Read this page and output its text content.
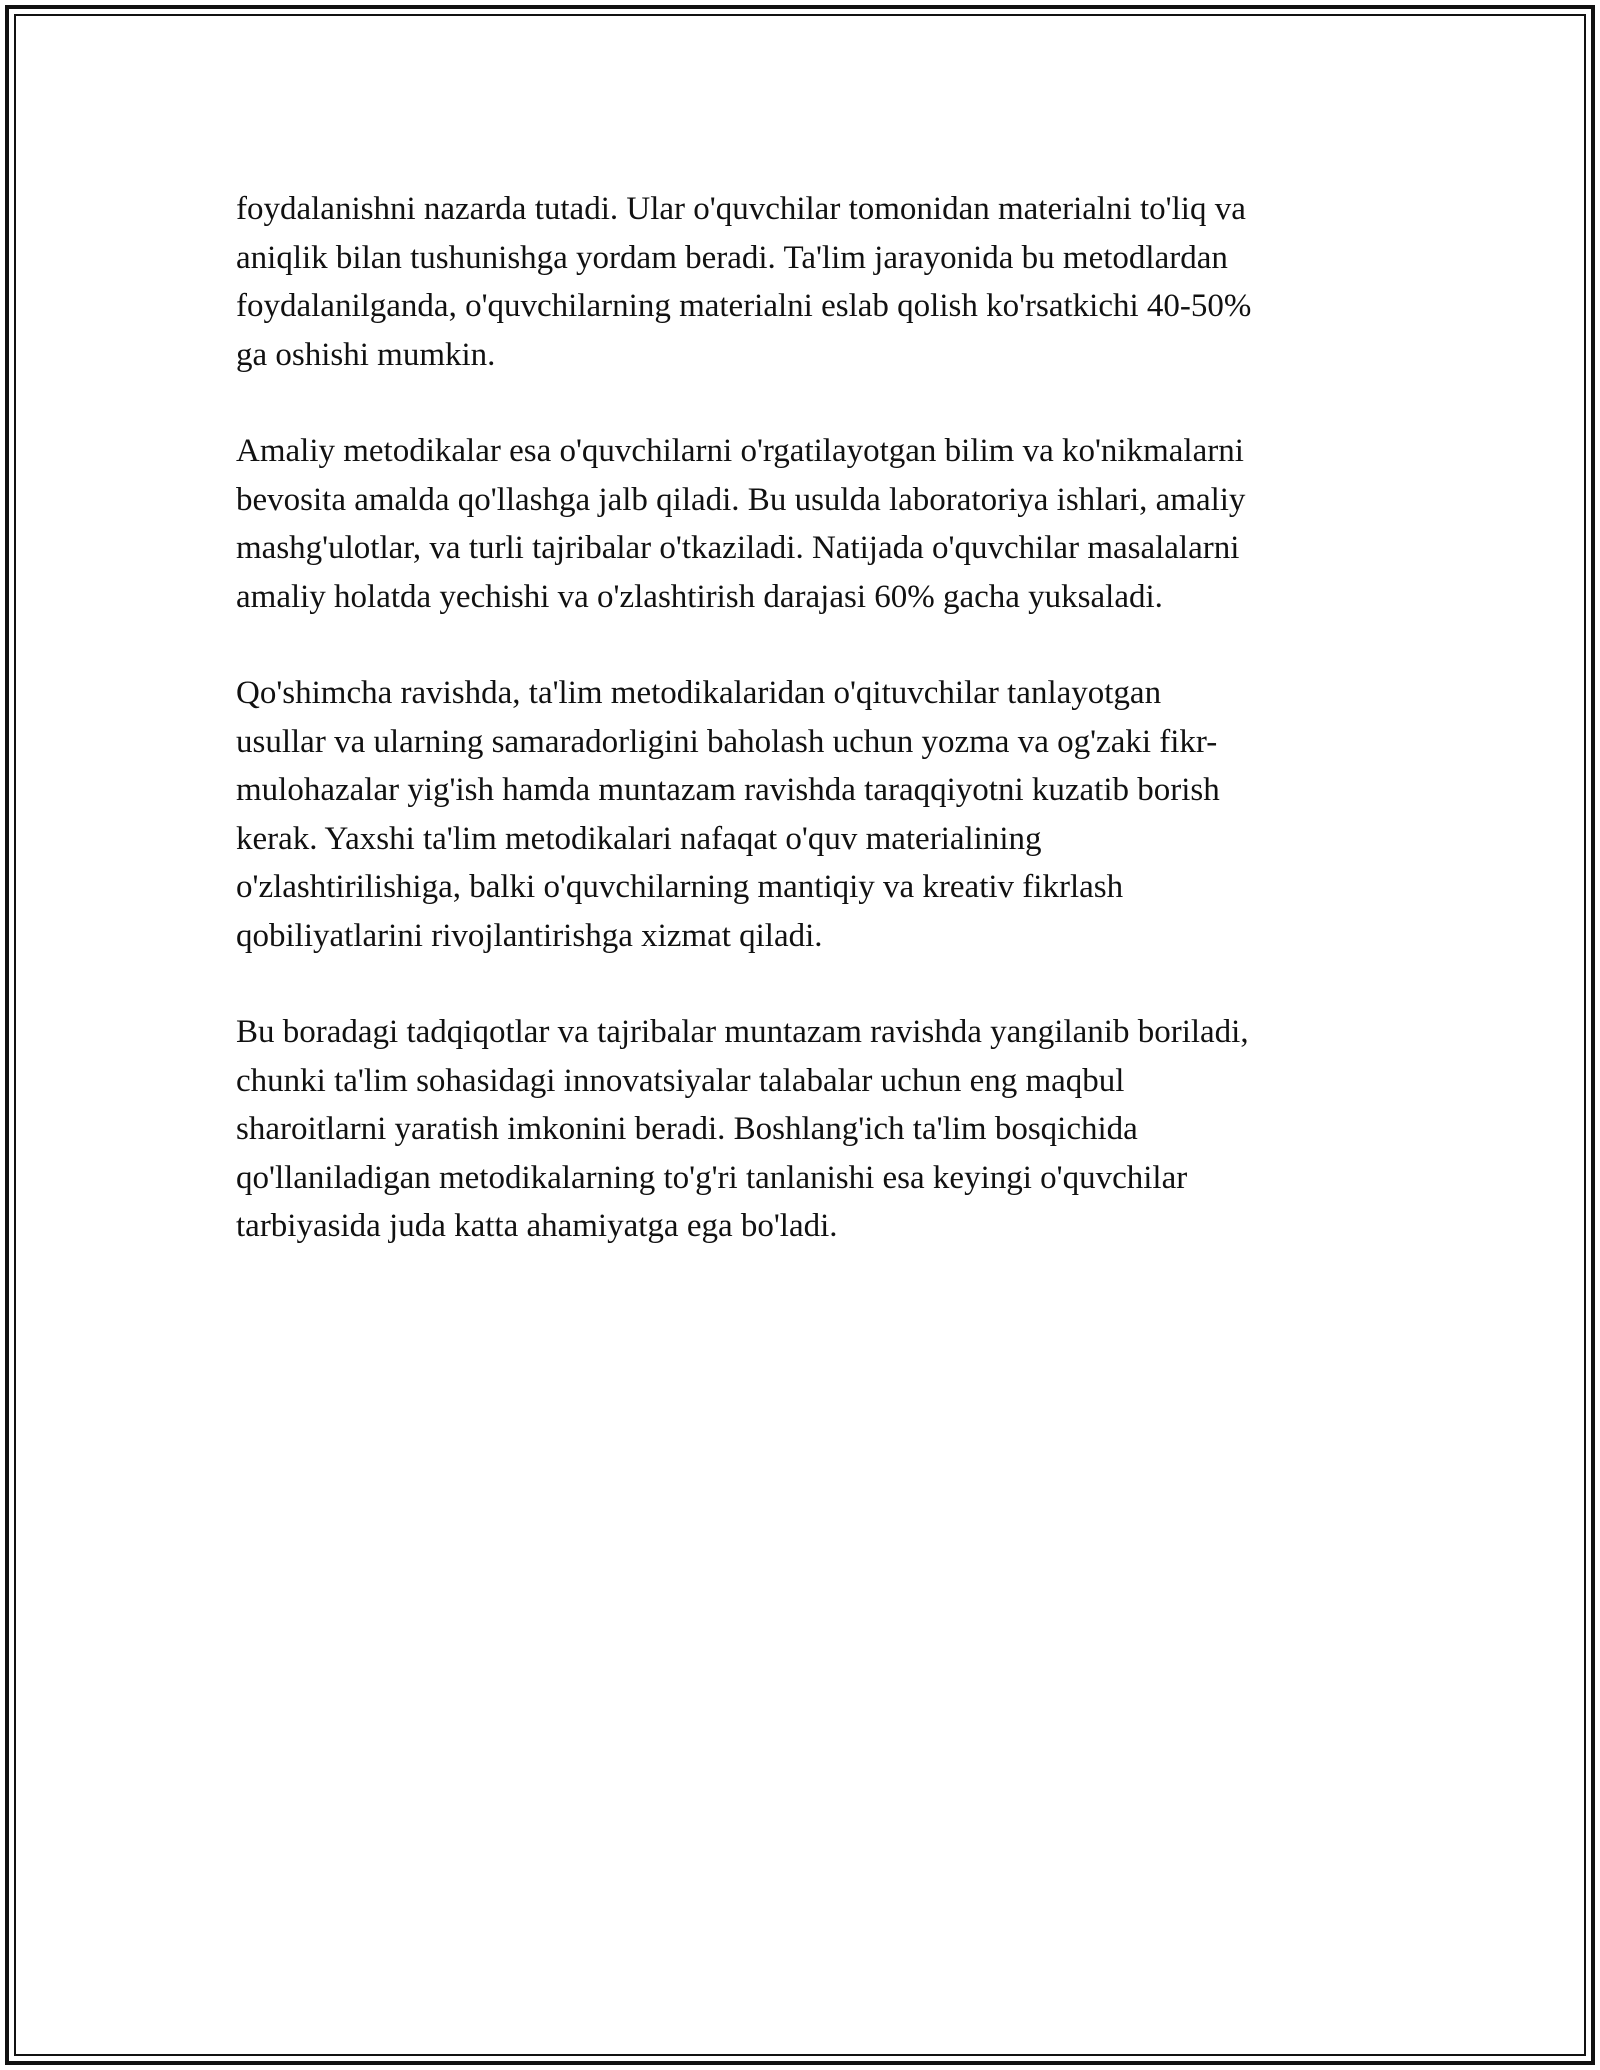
foydalanishni nazarda tutadi. Ular o'quvchilar tomonidan materialni to'liq va
aniqlik bilan tushunishga yordam beradi. Ta'lim jarayonida bu metodlardan
foydalanilganda, o'quvchilarning materialni eslab qolish ko'rsatkichi 40-50%
ga oshishi mumkin.

Amaliy metodikalar esa o'quvchilarni o'rgatilayotgan bilim va ko'nikmalarni
bevosita amalda qo'llashga jalb qiladi. Bu usulda laboratoriya ishlari, amaliy
mashg'ulotlar, va turli tajribalar o'tkaziladi. Natijada o'quvchilar masalalarni
amaliy holatda yechishi va o'zlashtirish darajasi 60% gacha yuksaladi.

Qo'shimcha ravishda, ta'lim metodikalaridan o'qituvchilar tanlayotgan
usullar va ularning samaradorligini baholash uchun yozma va og'zaki fikr-
mulohazalar yig'ish hamda muntazam ravishda taraqqiyotni kuzatib borish
kerak. Yaxshi ta'lim metodikalari nafaqat o'quv materialining
o'zlashtirilishiga, balki o'quvchilarning mantiqiy va kreativ fikrlash
qobiliyatlarini rivojlantirishga xizmat qiladi.

Bu boradagi tadqiqotlar va tajribalar muntazam ravishda yangilanib boriladi,
chunki ta'lim sohasidagi innovatsiyalar talabalar uchun eng maqbul
sharoitlarni yaratish imkonini beradi. Boshlang'ich ta'lim bosqichida
qo'llaniladigan metodikalarning to'g'ri tanlanishi esa keyingi o'quvchilar
tarbiyasida juda katta ahamiyatga ega bo'ladi.
